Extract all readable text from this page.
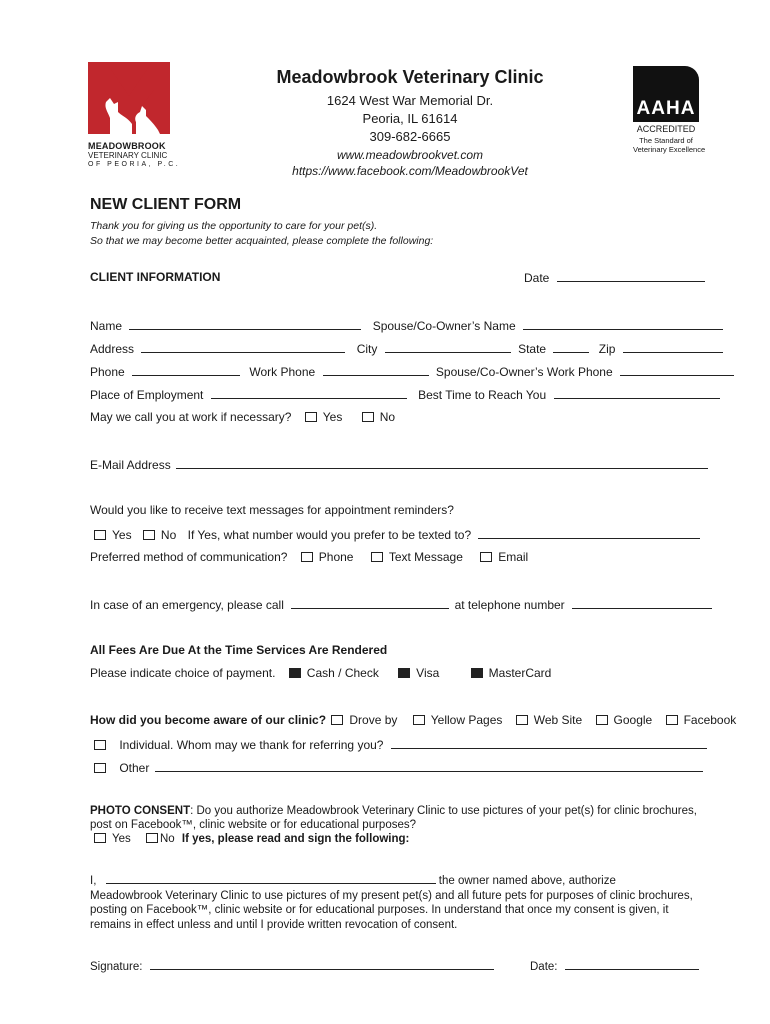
MEADOWBROOK
VETERINARY CLINIC
OF PEORIA, P.C.
Meadowbrook Veterinary Clinic
1624 West War Memorial Dr.
Peoria, IL 61614
309-682-6665
www.meadowbrookvet.com
https://www.facebook.com/MeadowbrookVet
AAHA
ACCREDITED
The Standard of
Veterinary Excellence
NEW CLIENT FORM
Thank you for giving us the opportunity to care for your pet(s).
So that we may become better acquainted, please complete the following:
CLIENT INFORMATION	Date
Name	Spouse/Co-Owner’s Name
Address	City	State	Zip
Phone	Work Phone	Spouse/Co-Owner’s Work Phone
Place of Employment	Best Time to Reach You
May we call you at work if necessary?	Yes	No
E-Mail Address
Would you like to receive text messages for appointment reminders?
Yes No If Yes, what number would you prefer to be texted to?
Preferred method of communication?	Phone	Text Message	Email
In case of an emergency, please call	at telephone number
All Fees Are Due At the Time Services Are Rendered
Please indicate choice of payment.	Cash / Check	Visa	MasterCard
How did you become aware of our clinic? Drove by	Yellow Pages	Web Site	Google	Facebook
Individual. Whom may we thank for referring you?
Other
PHOTO CONSENT: Do you authorize Meadowbrook Veterinary Clinic to use pictures of your pet(s) for clinic brochures,
post on Facebook™, clinic website or for educational purposes?
Yes	No If yes, please read and sign the following:
I,	the owner named above, authorize
Meadowbrook Veterinary Clinic to use pictures of my present pet(s) and all future pets for purposes of clinic brochures,
posting on Facebook™, clinic website or for educational purposes. In understand that once my consent is given, it
remains in effect unless and until I provide written revocation of consent.
Signature:	Date:
